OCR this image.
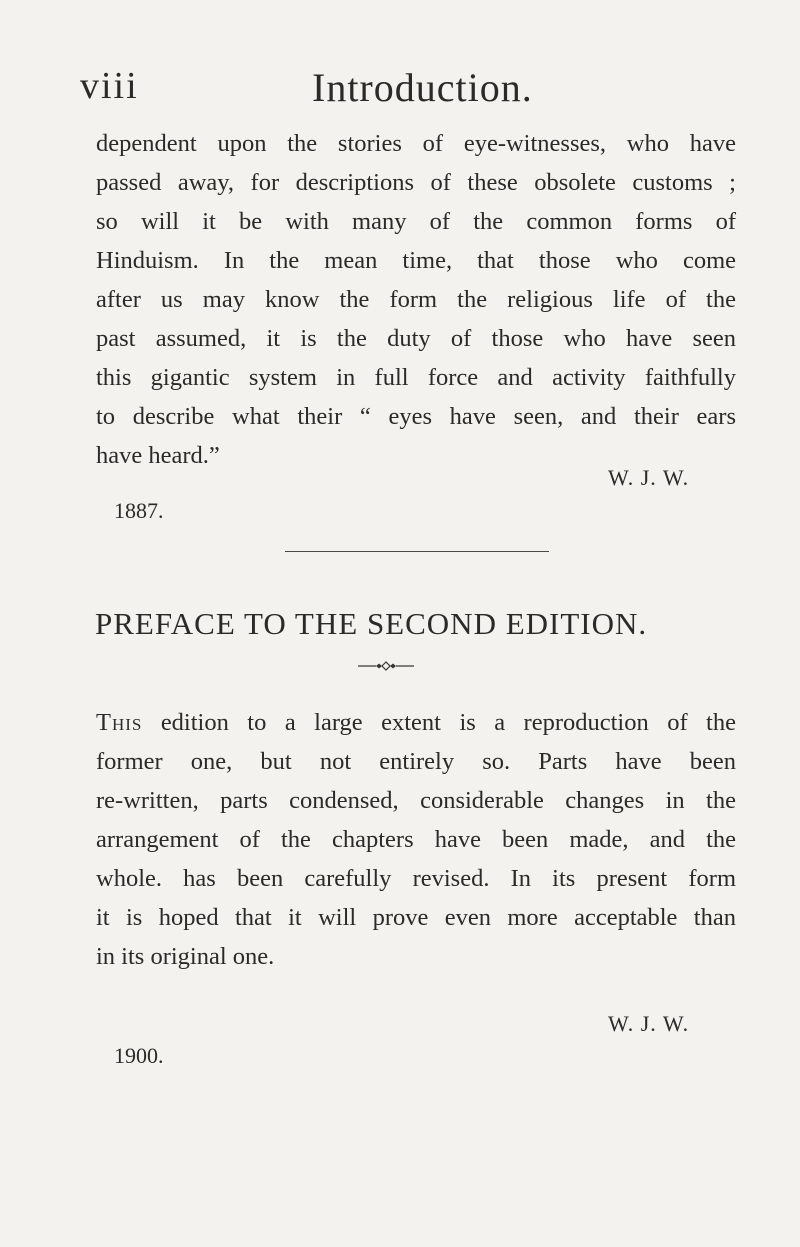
viii	Introduction.
dependent upon the stories of eye-witnesses, who have
passed away, for descriptions of these obsolete customs ;
so will it be with many of the common forms of
Hinduism. In the mean time, that those who come
after us may know the form the religious life of the
past assumed, it is the duty of those who have seen
this gigantic system in full force and activity faithfully
to describe what their “ eyes have seen, and their ears
have heard.”
W. J. W.
1887.
PREFACE TO THE SECOND EDITION.
This edition to a large extent is a reproduction of the
former one, but not entirely so. Parts have been
re-written, parts condensed, considerable changes in the
arrangement of the chapters have been made, and the
whole. has been carefully revised. In its present form
it is hoped that it will prove even more acceptable than
in its original one.
W. J. W.
1900.
